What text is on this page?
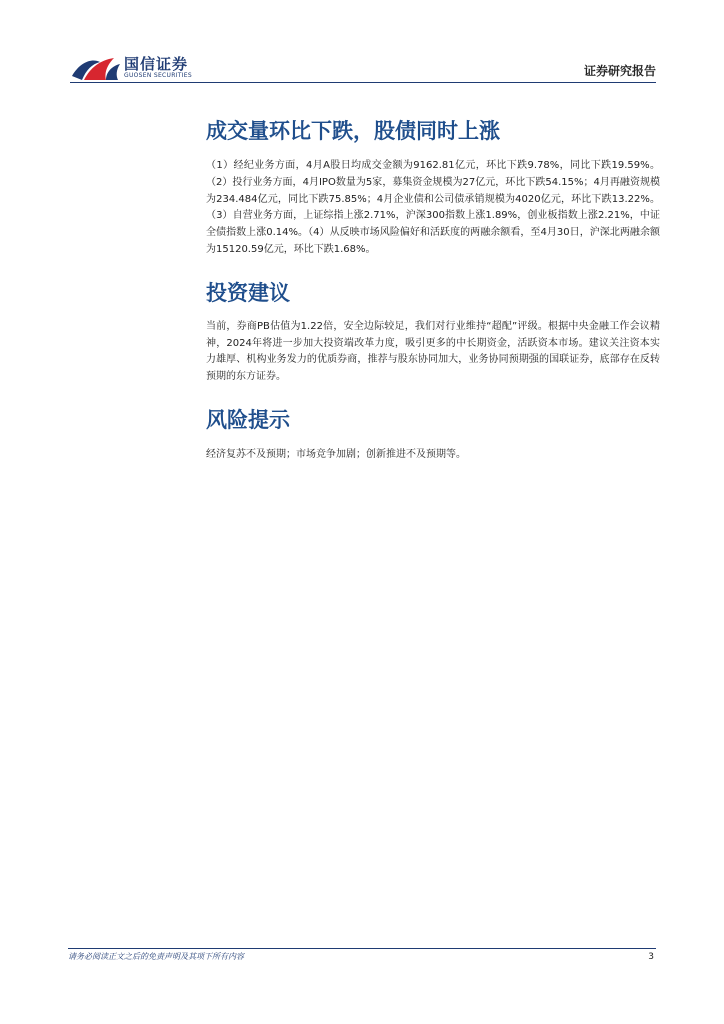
国信证券
GUOSEN SECURITIES	证券研究报告
成交量环比下跌，股债同时上涨

（1）经纪业务方面，4月A股日均成交金额为9162.81亿元，环比下跌9.78%，同比下跌19.59%。（2）投行业务方面，4月IPO数量为5家，募集资金规模为27亿元，环比下跌54.15%；4月再融资规模为234.484亿元，同比下跌75.85%；4月企业债和公司债承销规模为4020亿元，环比下跌13.22%。（3）自营业务方面，上证综指上涨2.71%，沪深300指数上涨1.89%，创业板指数上涨2.21%，中证全债指数上涨0.14%。（4）从反映市场风险偏好和活跃度的两融余额看，至4月30日，沪深北两融余额为15120.59亿元，环比下跌1.68%。

投资建议

当前，券商PB估值为1.22倍，安全边际较足，我们对行业维持“超配”评级。根据中央金融工作会议精神，2024年将进一步加大投资端改革力度，吸引更多的中长期资金，活跃资本市场。建议关注资本实力雄厚、机构业务发力的优质券商，推荐与股东协同加大，业务协同预期强的国联证券，底部存在反转预期的东方证券。

风险提示

经济复苏不及预期；市场竞争加剧；创新推进不及预期等。

请务必阅读正文之后的免责声明及其项下所有内容	3
